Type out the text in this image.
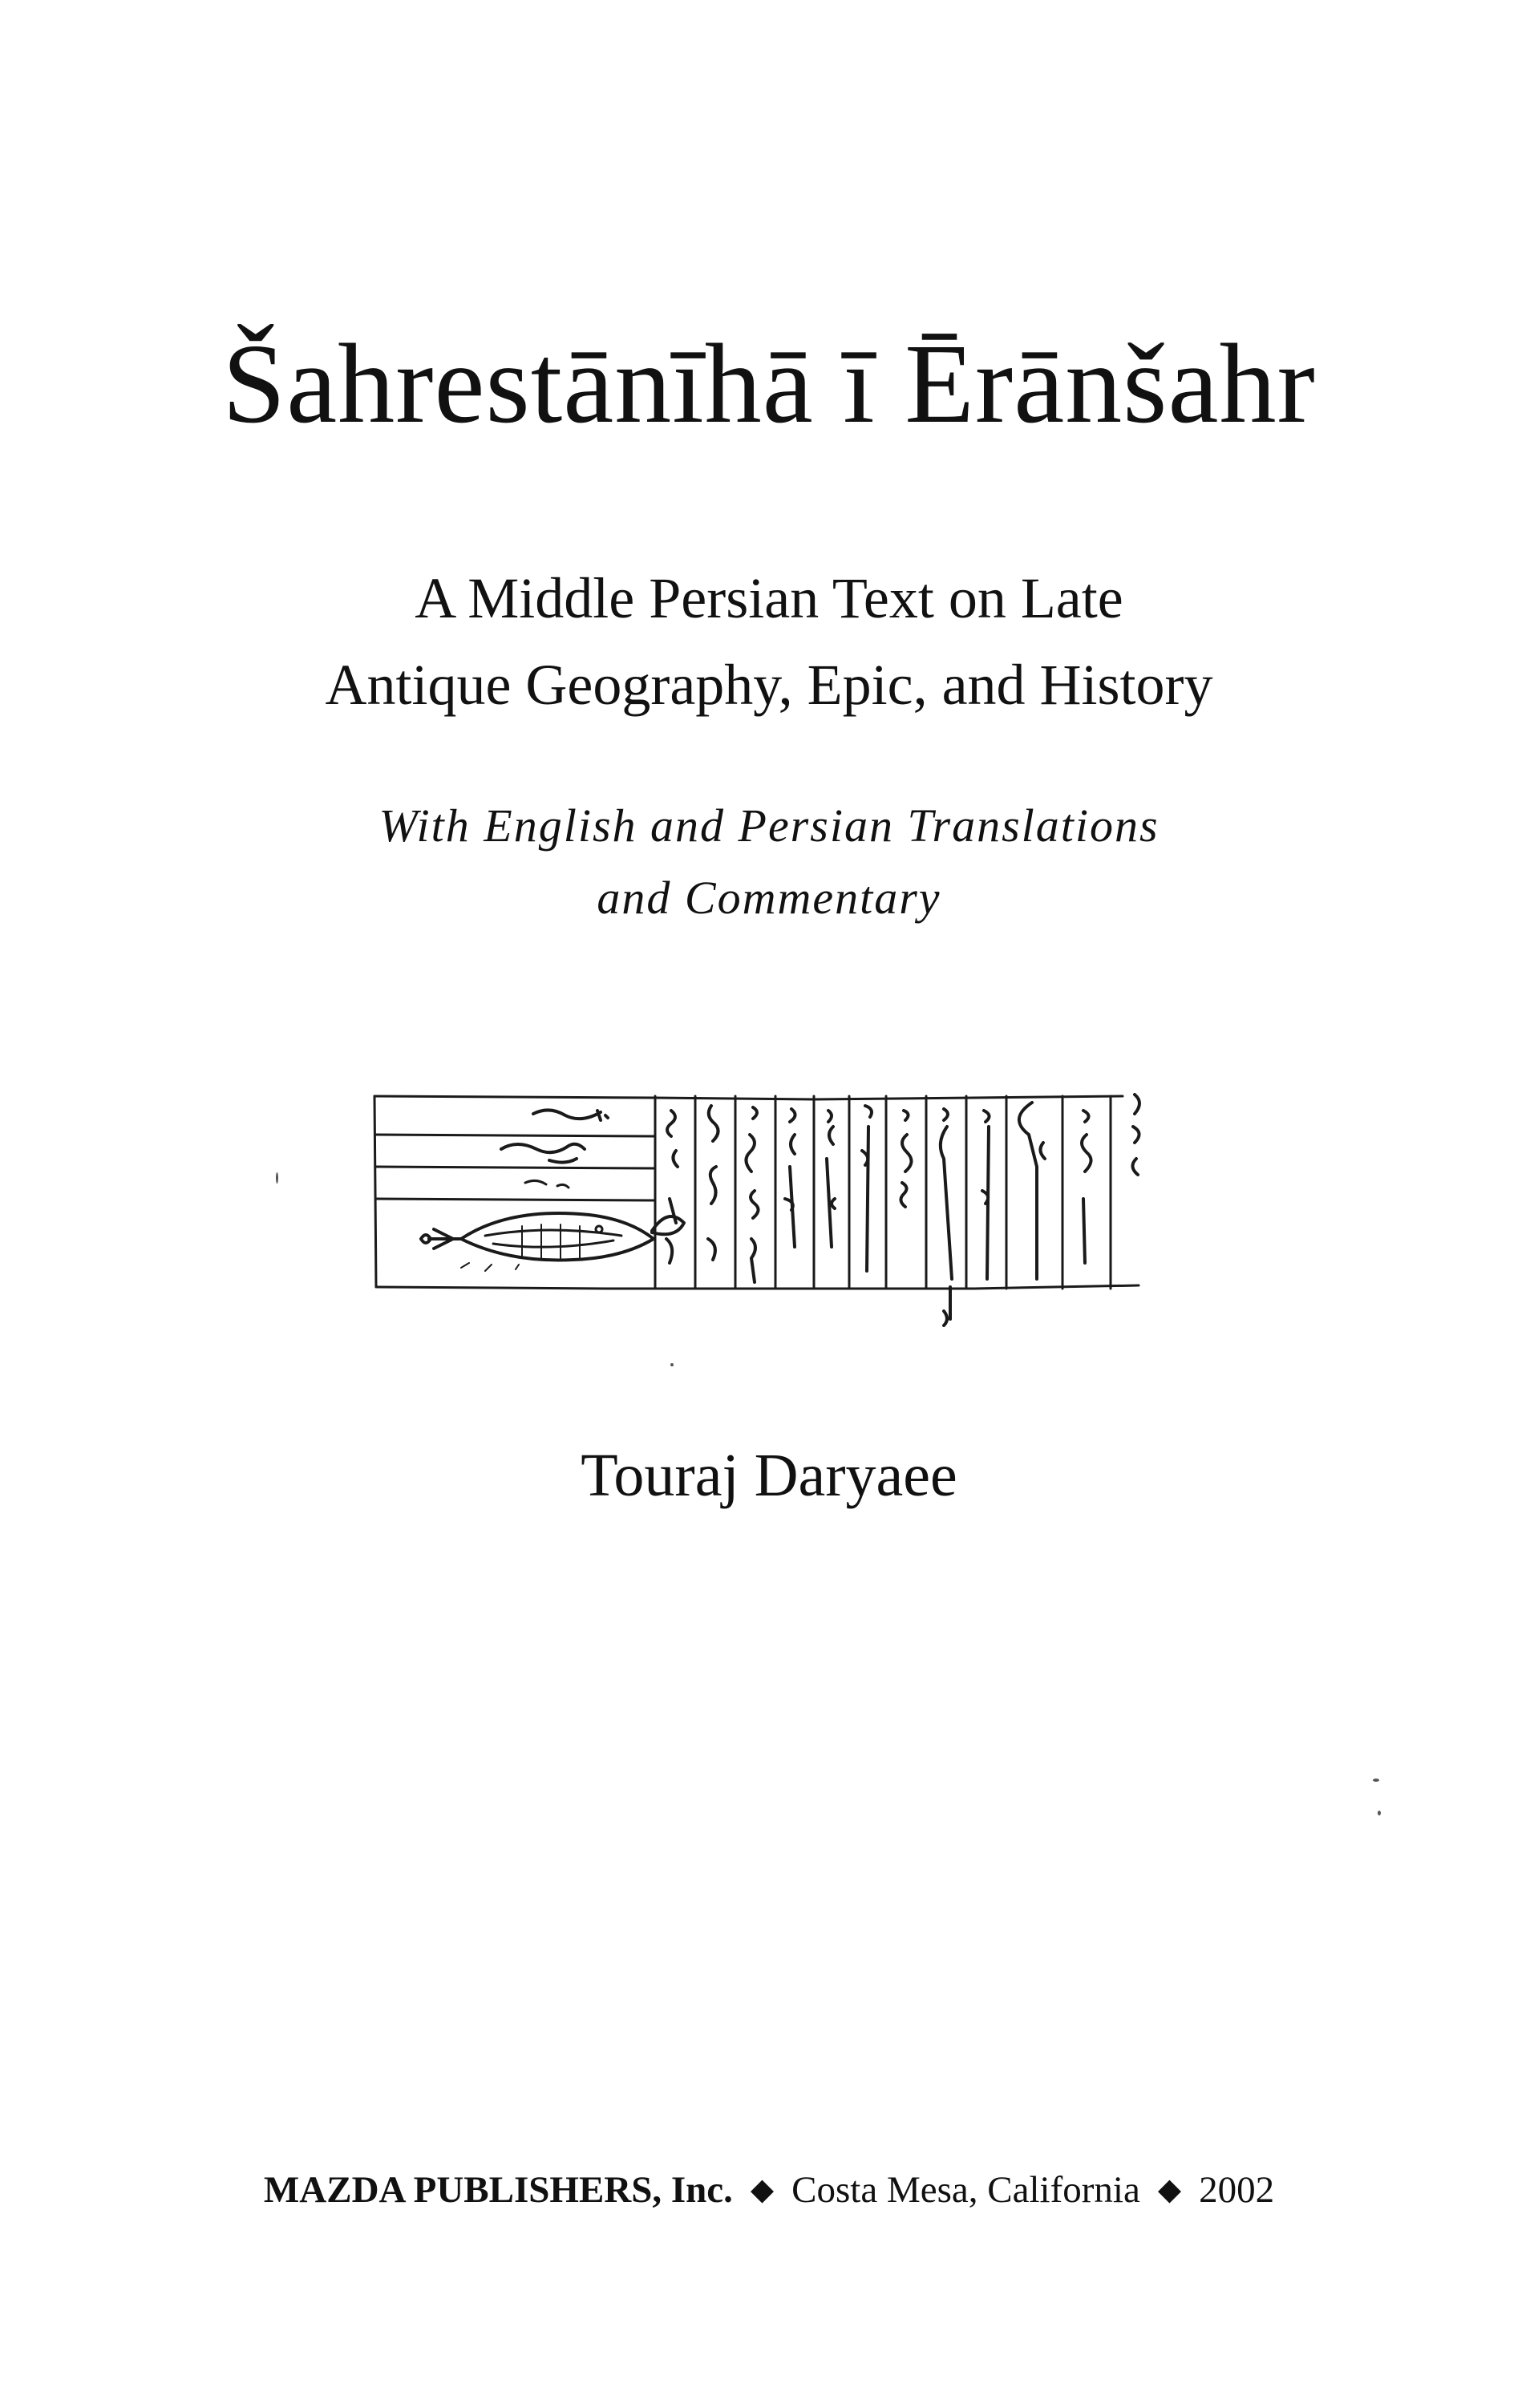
Šahrestānīhā ī Ērānšahr
A Middle Persian Text on Late
Antique Geography, Epic, and History
With English and Persian Translations
and Commentary
Touraj Daryaee
MAZDA PUBLISHERS, Inc. ◆ Costa Mesa, California ◆ 2002
